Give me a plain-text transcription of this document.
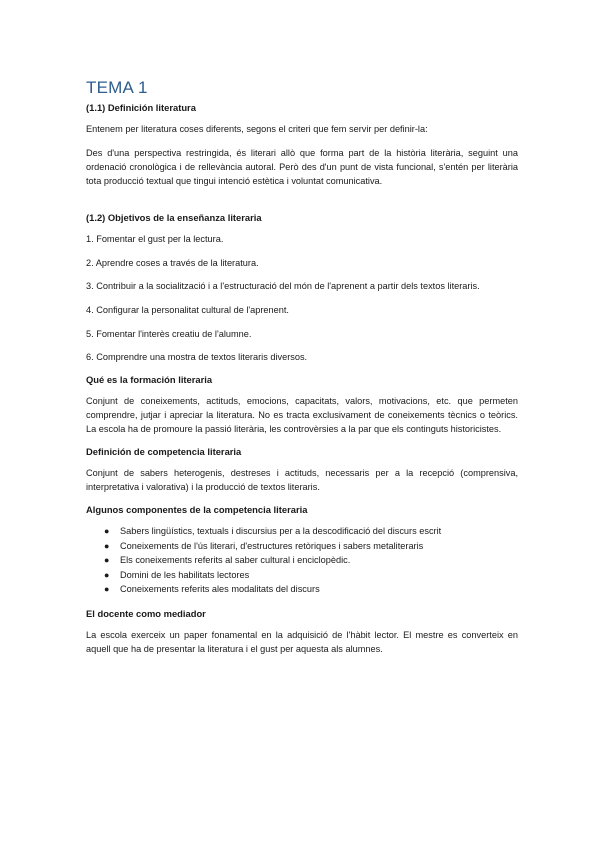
TEMA 1
(1.1) Definición literatura

Entenem per literatura coses diferents, segons el criteri que fem servir per definir-la:

Des d'una perspectiva restringida, és literari allò que forma part de la història literària, seguint una ordenació cronològica i de rellevància autoral. Però des d'un punt de vista funcional, s'entén per literària tota producció textual que tingui intenció estètica i voluntat comunicativa.

(1.2) Objetivos de la enseñanza literaria

1. Fomentar el gust per la lectura.

2. Aprendre coses a través de la literatura.

3. Contribuir a la socialització i a l'estructuració del món de l'aprenent a partir dels textos literaris.

4. Configurar la personalitat cultural de l'aprenent.

5. Fomentar l'interès creatiu de l'alumne.

6. Comprendre una mostra de textos literaris diversos.

Qué es la formación literaria

Conjunt de coneixements, actituds, emocions, capacitats, valors, motivacions, etc. que permeten comprendre, jutjar i apreciar la literatura. No es tracta exclusivament de coneixements tècnics o teòrics. La escola ha de promoure la passió literària, les controvèrsies a la par que els continguts historicistes.

Definición de competencia literaria

Conjunt de sabers heterogenis, destreses i actituds, necessaris per a la recepció (comprensiva, interpretativa i valorativa) i la producció de textos literaris.

Algunos componentes de la competencia literaria
● Sabers lingüístics, textuals i discursius per a la descodificació del discurs escrit
● Coneixements de l'ús literari, d'estructures retòriques i sabers metaliteraris
● Els coneixements referits al saber cultural i enciclopèdic.
● Domini de les habilitats lectores
● Coneixements referits ales modalitats del discurs
El docente como mediador

La escola exerceix un paper fonamental en la adquisició de l'hàbit lector. El mestre es converteix en aquell que ha de presentar la literatura i el gust per aquesta als alumnes.
